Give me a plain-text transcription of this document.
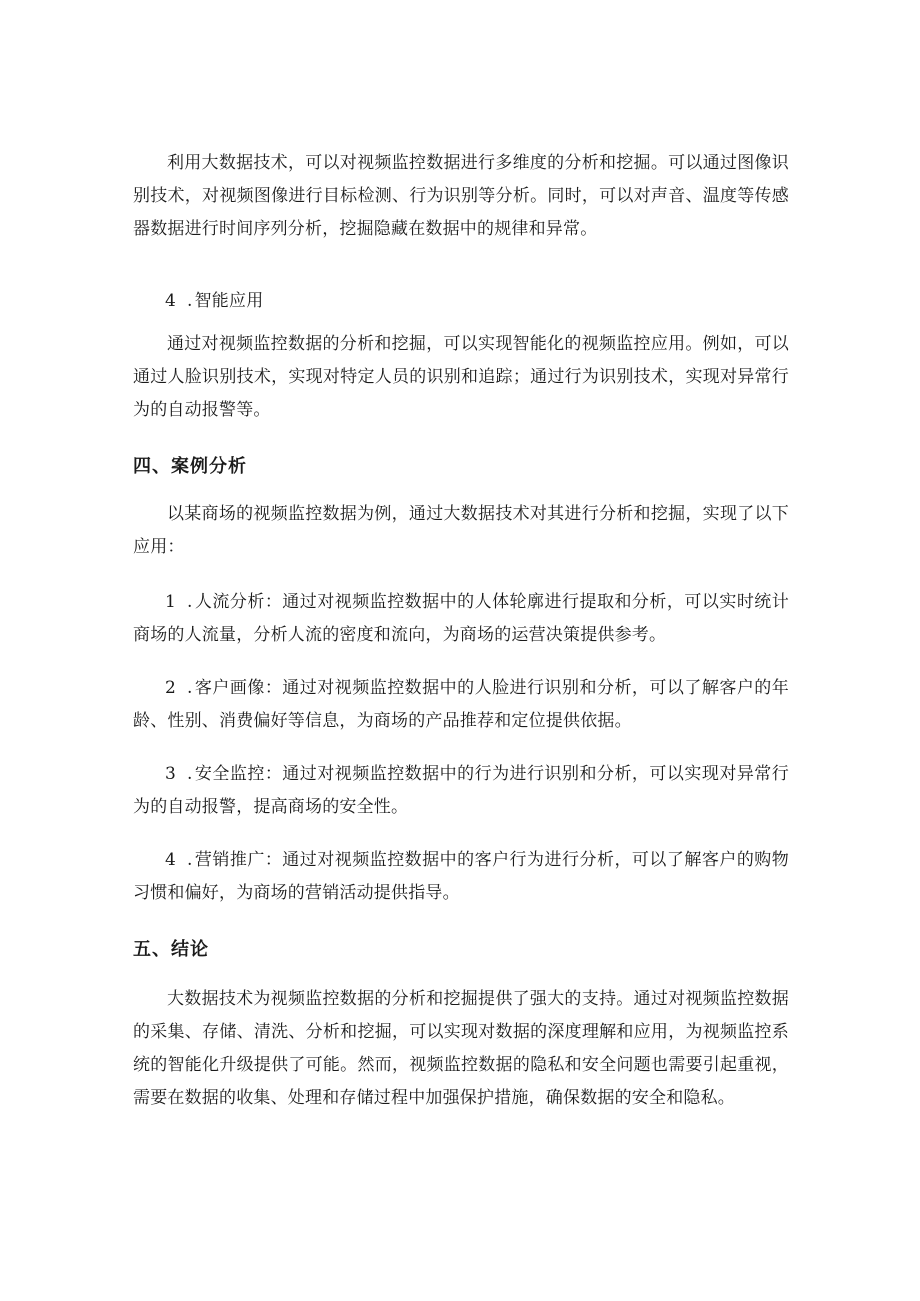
利用大数据技术，可以对视频监控数据进行多维度的分析和挖掘。可以通过图像识别技术，对视频图像进行目标检测、行为识别等分析。同时，可以对声音、温度等传感器数据进行时间序列分析，挖掘隐藏在数据中的规律和异常。

4 . 智能应用

通过对视频监控数据的分析和挖掘，可以实现智能化的视频监控应用。例如，可以通过人脸识别技术，实现对特定人员的识别和追踪；通过行为识别技术，实现对异常行为的自动报警等。

四、案例分析

以某商场的视频监控数据为例，通过大数据技术对其进行分析和挖掘，实现了以下应用：

1 . 人流分析：通过对视频监控数据中的人体轮廓进行提取和分析，可以实时统计商场的人流量，分析人流的密度和流向，为商场的运营决策提供参考。

2 . 客户画像：通过对视频监控数据中的人脸进行识别和分析，可以了解客户的年龄、性别、消费偏好等信息，为商场的产品推荐和定位提供依据。

3 . 安全监控：通过对视频监控数据中的行为进行识别和分析，可以实现对异常行为的自动报警，提高商场的安全性。

4 . 营销推广：通过对视频监控数据中的客户行为进行分析，可以了解客户的购物习惯和偏好，为商场的营销活动提供指导。

五、结论

大数据技术为视频监控数据的分析和挖掘提供了强大的支持。通过对视频监控数据的采集、存储、清洗、分析和挖掘，可以实现对数据的深度理解和应用，为视频监控系统的智能化升级提供了可能。然而，视频监控数据的隐私和安全问题也需要引起重视，需要在数据的收集、处理和存储过程中加强保护措施，确保数据的安全和隐私。
